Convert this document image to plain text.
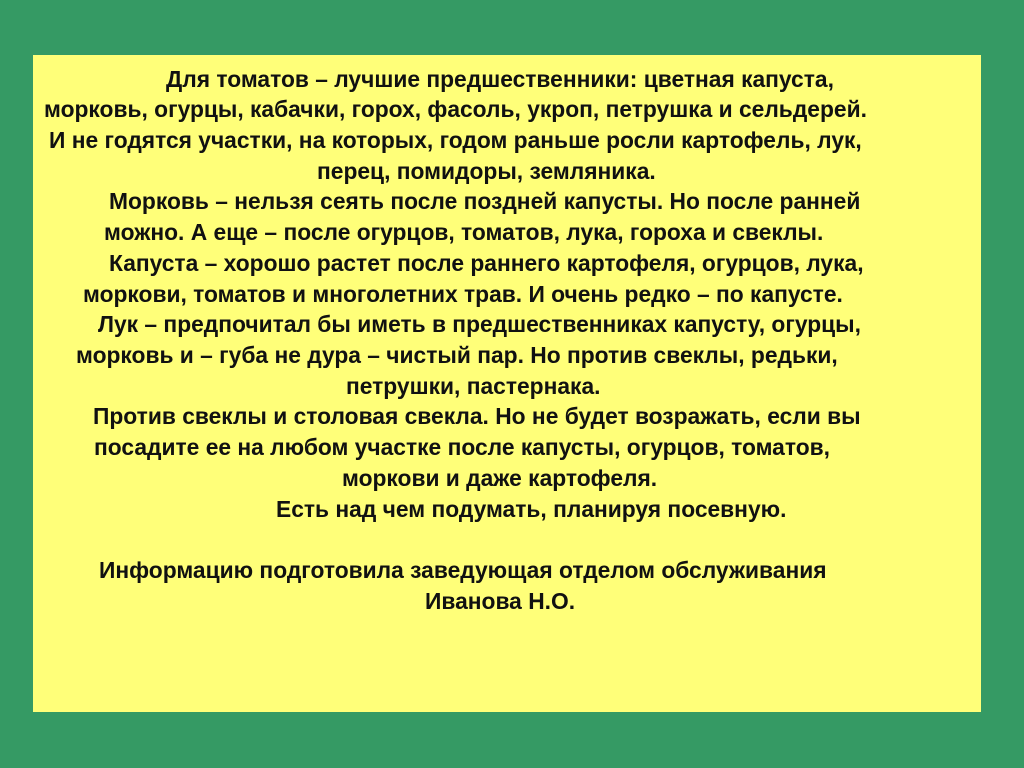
Для томатов – лучшие предшественники: цветная капуста,
морковь, огурцы, кабачки, горох, фасоль, укроп, петрушка и сельдерей.
И не годятся участки, на которых, годом раньше росли картофель, лук,
перец, помидоры, земляника.
Морковь – нельзя сеять после поздней капусты. Но после ранней
можно. А еще – после огурцов, томатов, лука, гороха и свеклы.
Капуста – хорошо растет после раннего картофеля, огурцов, лука,
моркови, томатов и многолетних трав. И очень редко – по капусте.
Лук – предпочитал бы иметь в предшественниках капусту, огурцы,
морковь и – губа не дура – чистый пар. Но против свеклы, редьки,
петрушки, пастернака.
Против свеклы и столовая свекла. Но не будет возражать, если вы
посадите ее на любом участке после капусты, огурцов, томатов,
моркови и даже картофеля.
Есть над чем подумать, планируя посевную.
Информацию подготовила заведующая отделом обслуживания
Иванова Н.О.
